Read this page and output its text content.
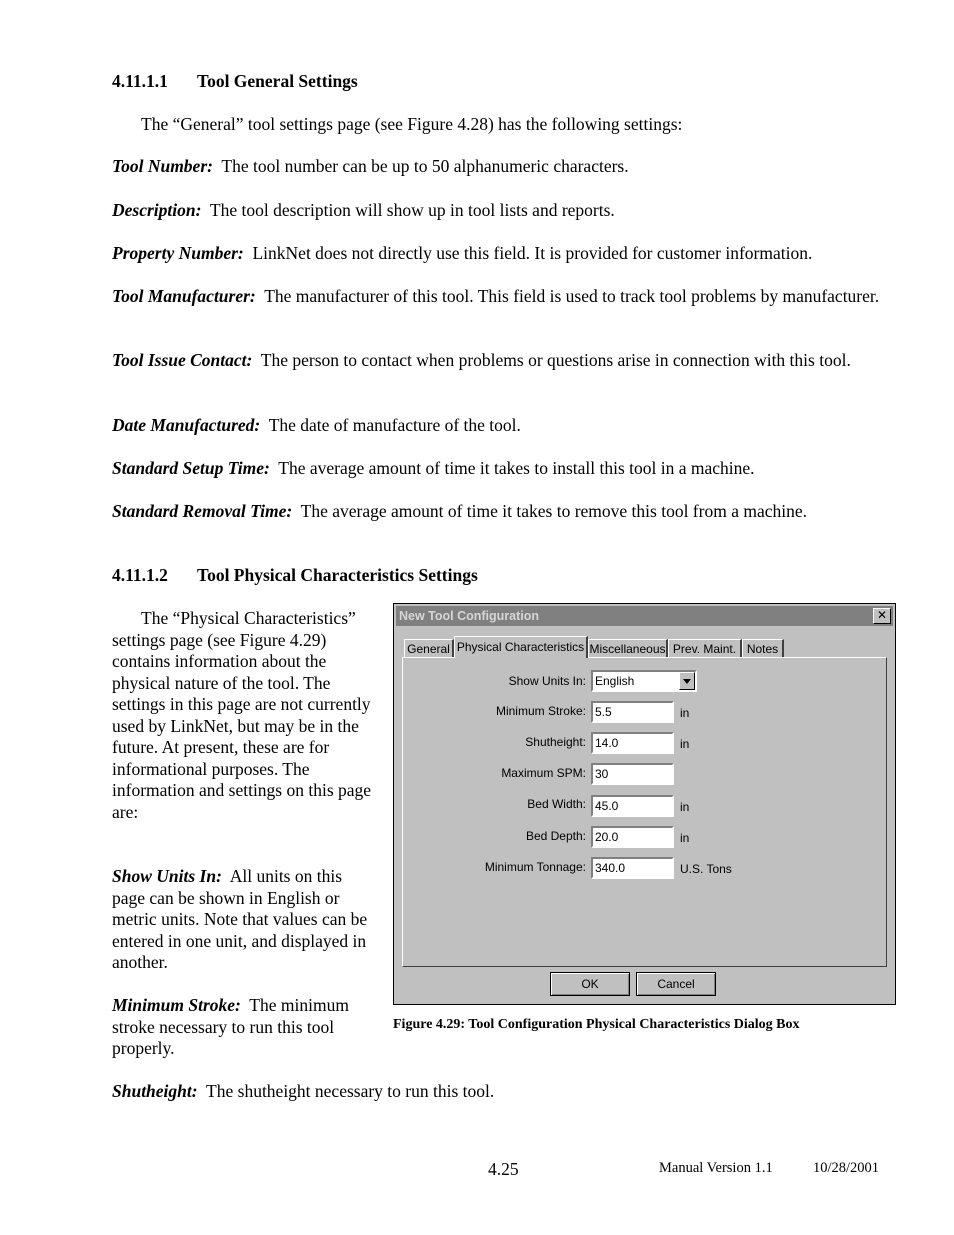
4.11.1.1 Tool General Settings

The “General” tool settings page (see Figure 4.28) has the following settings:

Tool Number: The tool number can be up to 50 alphanumeric characters.

Description: The tool description will show up in tool lists and reports.

Property Number: LinkNet does not directly use this field. It is provided for customer information.

Tool Manufacturer: The manufacturer of this tool. This field is used to track tool problems by manufacturer.

Tool Issue Contact: The person to contact when problems or questions arise in connection with this tool.

Date Manufactured: The date of manufacture of the tool.

Standard Setup Time: The average amount of time it takes to install this tool in a machine.

Standard Removal Time: The average amount of time it takes to remove this tool from a machine.

4.11.1.2 Tool Physical Characteristics Settings

The “Physical Characteristics” settings page (see Figure 4.29) contains information about the physical nature of the tool. The settings in this page are not currently used by LinkNet, but may be in the future. At present, these are for informational purposes. The information and settings on this page are:

Show Units In: All units on this page can be shown in English or metric units. Note that values can be entered in one unit, and displayed in another.

Minimum Stroke: The minimum stroke necessary to run this tool properly.

Shutheight: The shutheight necessary to run this tool.

New Tool Configuration	✕
General Physical Characteristics Miscellaneous Prev. Maint. Notes
Show Units In: English
Minimum Stroke: 5.5	in
Shutheight: 14.0	in
Maximum SPM: 30
Bed Width: 45.0	in
Bed Depth: 20.0	in
Minimum Tonnage: 340.0	U.S. Tons
OK	Cancel
Figure 4.29: Tool Configuration Physical Characteristics Dialog Box
4.25	Manual Version 1.1	10/28/2001
